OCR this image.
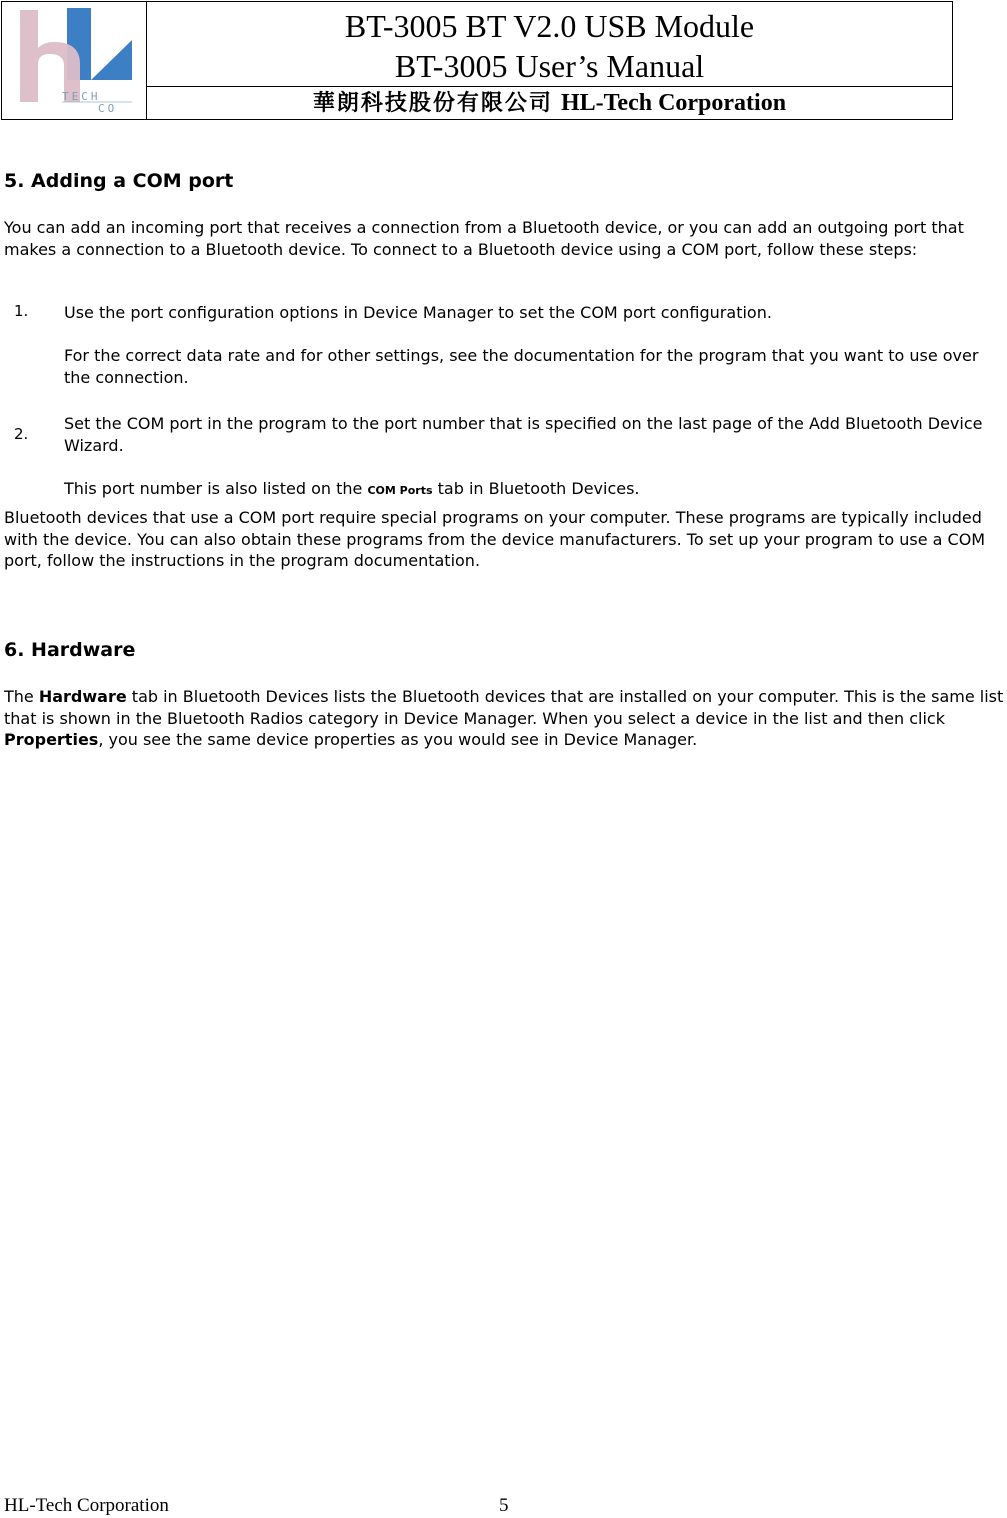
TECH
CO
BT-3005 BT V2.0 USB Module
BT-3005 User’s Manual
華朗科技股份有限公司 HL-Tech Corporation
5. Adding a COM port

You can add an incoming port that receives a connection from a Bluetooth device, or you can add an outgoing port that makes a connection to a Bluetooth device. To connect to a Bluetooth device using a COM port, follow these steps:

1. Use the port configuration options in Device Manager to set the COM port configuration.

For the correct data rate and for other settings, see the documentation for the program that you want to use over the connection.

2.

Set the COM port in the program to the port number that is specified on the last page of the Add Bluetooth Device Wizard.

This port number is also listed on the COM Ports tab in Bluetooth Devices.

Bluetooth devices that use a COM port require special programs on your computer. These programs are typically included with the device. You can also obtain these programs from the device manufacturers. To set up your program to use a COM port, follow the instructions in the program documentation.

6. Hardware

The Hardware tab in Bluetooth Devices lists the Bluetooth devices that are installed on your computer. This is the same list that is shown in the Bluetooth Radios category in Device Manager. When you select a device in the list and then click Properties, you see the same device properties as you would see in Device Manager.

HL-Tech Corporation	5
